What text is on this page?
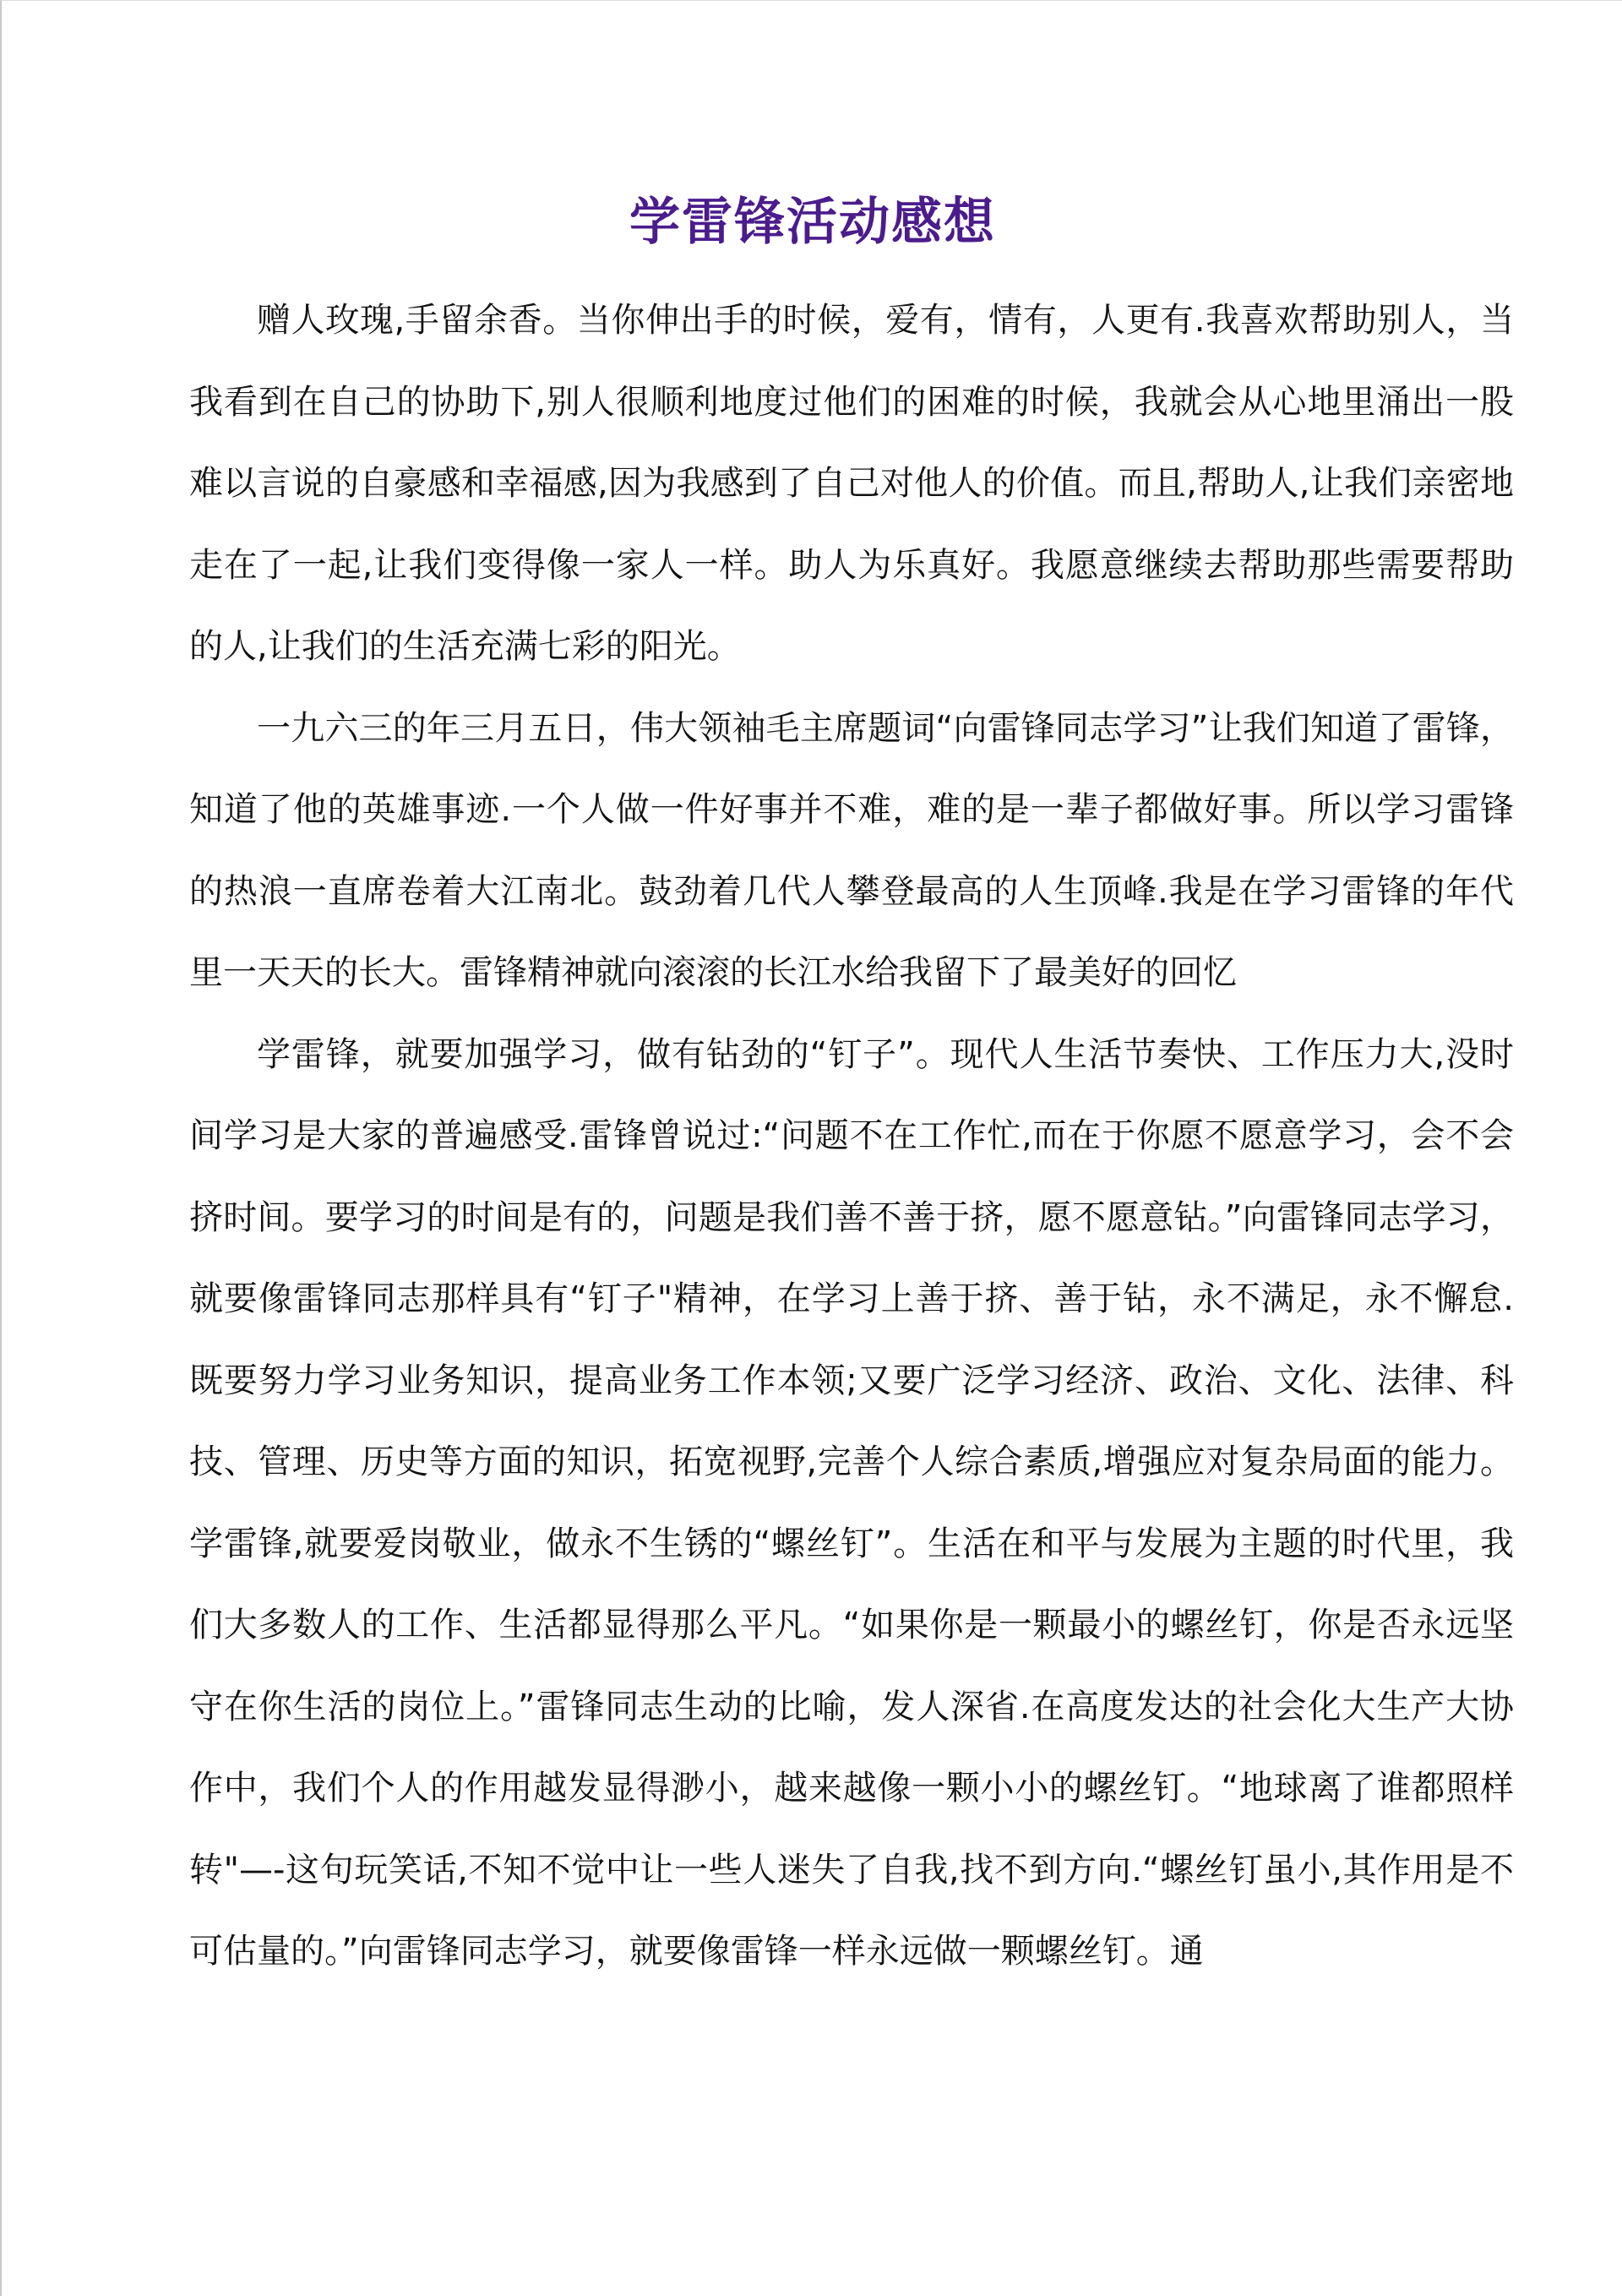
学雷锋活动感想

赠人玫瑰,手留余香。当你伸出手的时候，爱有，情有，人更有.我喜欢帮助别人，当我看到在自己的协助下,别人很顺利地度过他们的困难的时候，我就会从心地里涌出一股难以言说的自豪感和幸福感,因为我感到了自己对他人的价值。而且,帮助人,让我们亲密地走在了一起,让我们变得像一家人一样。助人为乐真好。我愿意继续去帮助那些需要帮助的人,让我们的生活充满七彩的阳光。

一九六三的年三月五日，伟大领袖毛主席题词“向雷锋同志学习”让我们知道了雷锋，知道了他的英雄事迹.一个人做一件好事并不难，难的是一辈子都做好事。所以学习雷锋的热浪一直席卷着大江南北。鼓劲着几代人攀登最高的人生顶峰.我是在学习雷锋的年代里一天天的长大。雷锋精神就向滚滚的长江水给我留下了最美好的回忆

学雷锋，就要加强学习，做有钻劲的“钉子”。现代人生活节奏快、工作压力大,没时间学习是大家的普遍感受.雷锋曾说过:“问题不在工作忙,而在于你愿不愿意学习，会不会挤时间。要学习的时间是有的，问题是我们善不善于挤，愿不愿意钻。”向雷锋同志学习，就要像雷锋同志那样具有“钉子"精神，在学习上善于挤、善于钻，永不满足，永不懈怠.既要努力学习业务知识，提高业务工作本领;又要广泛学习经济、政治、文化、法律、科技、管理、历史等方面的知识，拓宽视野,完善个人综合素质,增强应对复杂局面的能力。学雷锋,就要爱岗敬业，做永不生锈的“螺丝钉”。生活在和平与发展为主题的时代里，我们大多数人的工作、生活都显得那么平凡。“如果你是一颗最小的螺丝钉，你是否永远坚守在你生活的岗位上。”雷锋同志生动的比喻，发人深省.在高度发达的社会化大生产大协作中，我们个人的作用越发显得渺小，越来越像一颗小小的螺丝钉。“地球离了谁都照样转"—-这句玩笑话,不知不觉中让一些人迷失了自我,找不到方向.“螺丝钉虽小,其作用是不可估量的。”向雷锋同志学习，就要像雷锋一样永远做一颗螺丝钉。通
